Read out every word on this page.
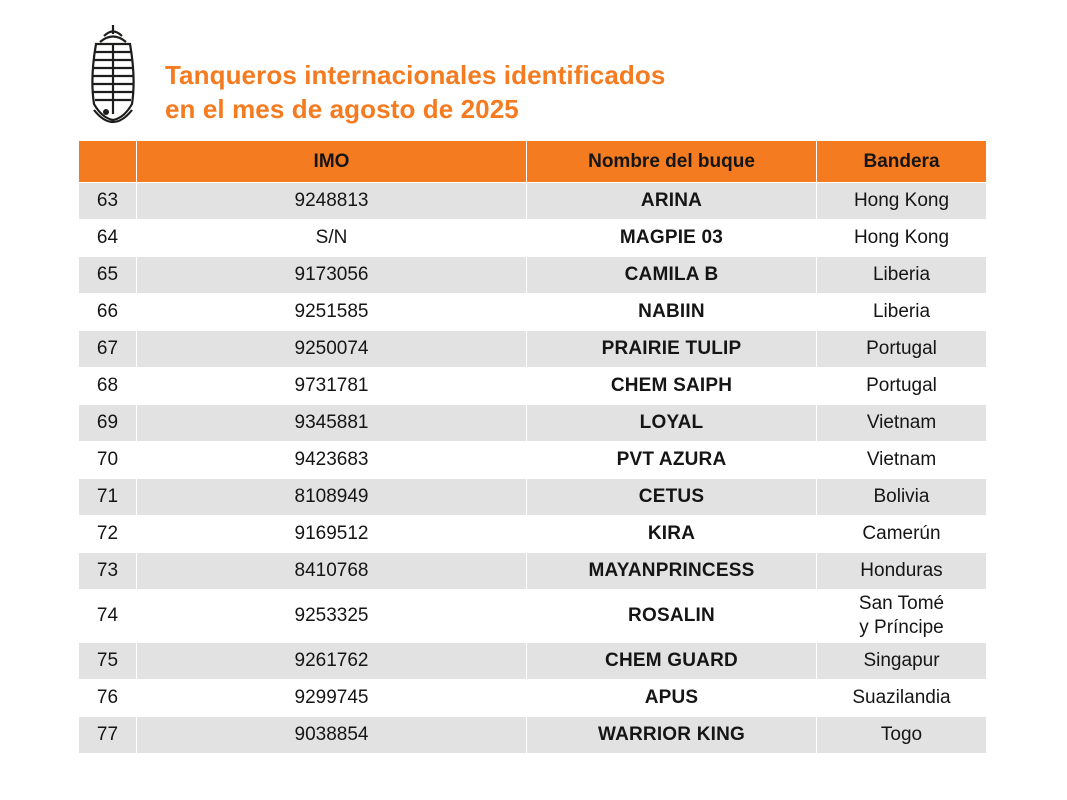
Tanqueros internacionales identificados
en el mes de agosto de 2025
	IMO	Nombre del buque	Bandera
63	9248813	ARINA	Hong Kong
64	S/N	MAGPIE 03	Hong Kong
65	9173056	CAMILA B	Liberia
66	9251585	NABIIN	Liberia
67	9250074	PRAIRIE TULIP	Portugal
68	9731781	CHEM SAIPH	Portugal
69	9345881	LOYAL	Vietnam
70	9423683	PVT AZURA	Vietnam
71	8108949	CETUS	Bolivia
72	9169512	KIRA	Camerún
73	8410768	MAYANPRINCESS	Honduras
74	9253325	ROSALIN	San Tomé
y Príncipe

75	9261762	CHEM GUARD	Singapur
76	9299745	APUS	Suazilandia
77	9038854	WARRIOR KING	Togo
